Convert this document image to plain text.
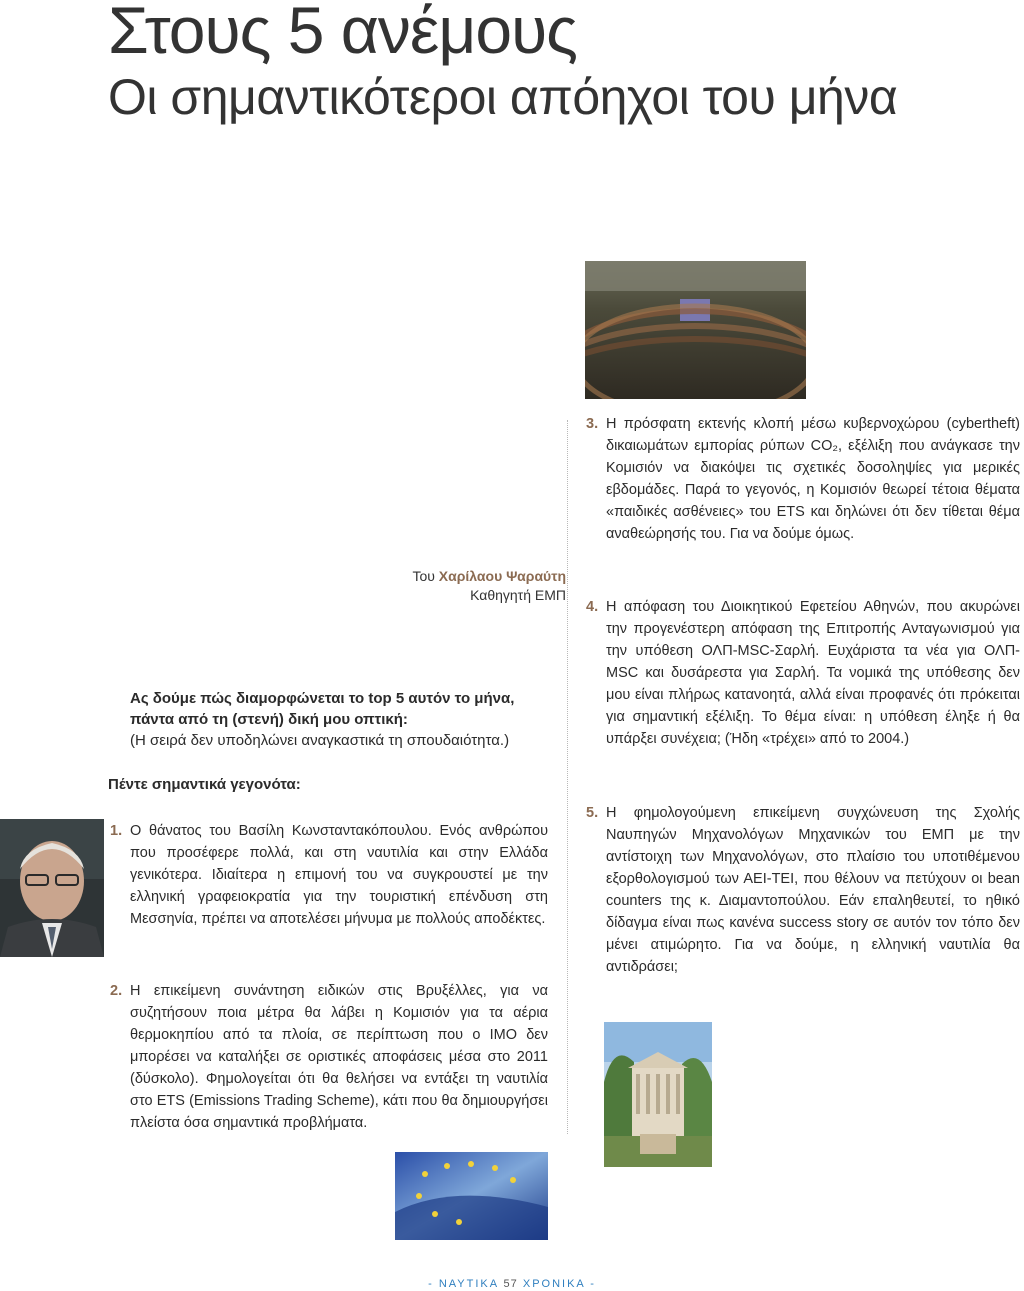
Στους 5 ανέμους
Οι σημαντικότεροι απόηχοι του μήνα
Του Χαρίλαου Ψαραύτη
Καθηγητή ΕΜΠ
Ας δούμε πώς διαμορφώνεται το top 5 αυτόν το μήνα, πάντα από τη (στενή) δική μου οπτική:
(Η σειρά δεν υποδηλώνει αναγκαστικά τη σπουδαιότητα.)
Πέντε σημαντικά γεγονότα:
1. Ο θάνατος του Βασίλη Κωνσταντακόπουλου. Ενός ανθρώπου που προσέφερε πολλά, και στη ναυτιλία και στην Ελλάδα γενικότερα. Ιδιαίτερα η επιμονή του να συγκρουστεί με την ελληνική γραφειοκρατία για την τουριστική επένδυση στη Μεσσηνία, πρέπει να αποτελέσει μήνυμα με πολλούς αποδέκτες.

2. Η επικείμενη συνάντηση ειδικών στις Βρυξέλλες, για να συζητήσουν ποια μέτρα θα λάβει η Κομισιόν για τα αέρια θερμοκηπίου από τα πλοία, σε περίπτωση που ο ΙΜΟ δεν μπορέσει να καταλήξει σε οριστικές αποφάσεις μέσα στο 2011 (δύσκολο). Φημολογείται ότι θα θελήσει να εντάξει τη ναυτιλία στο ETS (Emissions Trading Scheme), κάτι που θα δημιουργήσει πλείστα όσα σημαντικά προβλήματα.

3. Η πρόσφατη εκτενής κλοπή μέσω κυβερνοχώρου (cybertheft) δικαιωμάτων εμπορίας ρύπων CO₂, εξέλιξη που ανάγκασε την Κομισιόν να διακόψει τις σχετικές δοσοληψίες για μερικές εβδομάδες. Παρά το γεγονός, η Κομισιόν θεωρεί τέτοια θέματα «παιδικές ασθένειες» του ETS και δηλώνει ότι δεν τίθεται θέμα αναθεώρησής του. Για να δούμε όμως.

4. Η απόφαση του Διοικητικού Εφετείου Αθηνών, που ακυρώνει την προγενέστερη απόφαση της Επιτροπής Ανταγωνισμού για την υπόθεση ΟΛΠ-MSC-Σαρλή. Ευχάριστα τα νέα για ΟΛΠ-MSC και δυσάρεστα για Σαρλή. Τα νομικά της υπόθεσης δεν μου είναι πλήρως κατανοητά, αλλά είναι προφανές ότι πρόκειται για σημαντική εξέλιξη. Το θέμα είναι: η υπόθεση έληξε ή θα υπάρξει συνέχεια; (Ήδη «τρέχει» από το 2004.)

5. Η φημολογούμενη επικείμενη συγχώνευση της Σχολής Ναυπηγών Μηχανολόγων Μηχανικών του ΕΜΠ με την αντίστοιχη των Μηχανολόγων, στο πλαίσιο του υποτιθέμενου εξορθολογισμού των ΑΕΙ-ΤΕΙ, που θέλουν να πετύχουν οι bean counters της κ. Διαμαντοπούλου. Εάν επαληθευτεί, το ηθικό δίδαγμα είναι πως κανένα success story σε αυτόν τον τόπο δεν μένει ατιμώρητο. Για να δούμε, η ελληνική ναυτιλία θα αντιδράσει;

- ΝΑΥΤΙΚΑ 57 ΧΡΟΝΙΚΑ -
